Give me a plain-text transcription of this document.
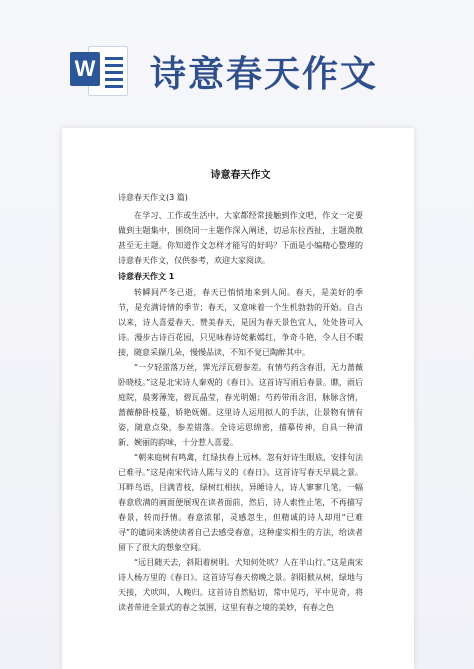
W 诗意春天作文
诗意春天作文
诗意春天作文(3 篇)

在学习、工作或生活中，大家都经常接触到作文吧，作文一定要做到主题集中，围绕同一主题作深入阐述，切忌东拉西扯，主题涣散甚至无主题。你知道作文怎样才能写的好吗？下面是小编精心整理的诗意春天作文，仅供参考，欢迎大家阅读。

诗意春天作文 1

转瞬间严冬已逝，春天已悄悄地来到人间。春天，是美好的季节，是充满诗情的季节；春天，又意味着一个生机勃勃的开始。自古以来，诗人喜爱春天、赞美春天，是因为春天景色宜人，处处皆可入诗。漫步古诗百花园，只见咏春诗姹紫嫣红，争奇斗艳，令人目不暇接，随意采撷几朵，慢慢品读，不知不觉已陶醉其中。

“一夕轻雷落万丝，霁光浮瓦碧参差。有情芍药含春泪，无力蔷薇卧晓枝。”这是北宋诗人秦观的《春日》。这首诗写雨后春景。瞧，雨后庭院，晨雾薄笼，碧瓦晶莹，春光明媚；芍药带雨含泪，脉脉含情，蔷薇静卧枝蔓，娇艳妩媚。这里诗人运用拟人的手法，让景物有情有姿，随意点染，参差错落。全诗运思绵密，描摹传神，自具一种清新、婉丽的韵味，十分惹人喜爱。

“朝来庭树有鸣禽，红绿扶春上远林。忽有好诗生眼底，安排句法已难寻。”这是南宋代诗人陈与义的《春日》。这首诗写春天早晨之景。耳畔鸟语，目满青枝，绿树红相扶，异睡诗人，诗人寥寥几笔，一幅春意欣满的画面便展现在读者面前，然后，诗人索性止笔，不再描写春景，转而抒情。春意浓郁，灵感忽生，但精诚的诗人却用“已难寻”的谴词来诱使读者自己去感受春意，这种虚实相生的方法，给读者留下了很大的想象空间。

“远目随天去，斜阳着树明。犬知何处吠？人在半山行。”这是南宋诗人杨万里的《春日》。这首诗写春天傍晚之景。斜阳掀从树，绿地与天接，犬吠叫，人晚归。这首诗自然贴切，常中见巧，平中见奇，将读者带进全景式的春之氛围，这里有春之境的美妙，有春之色
